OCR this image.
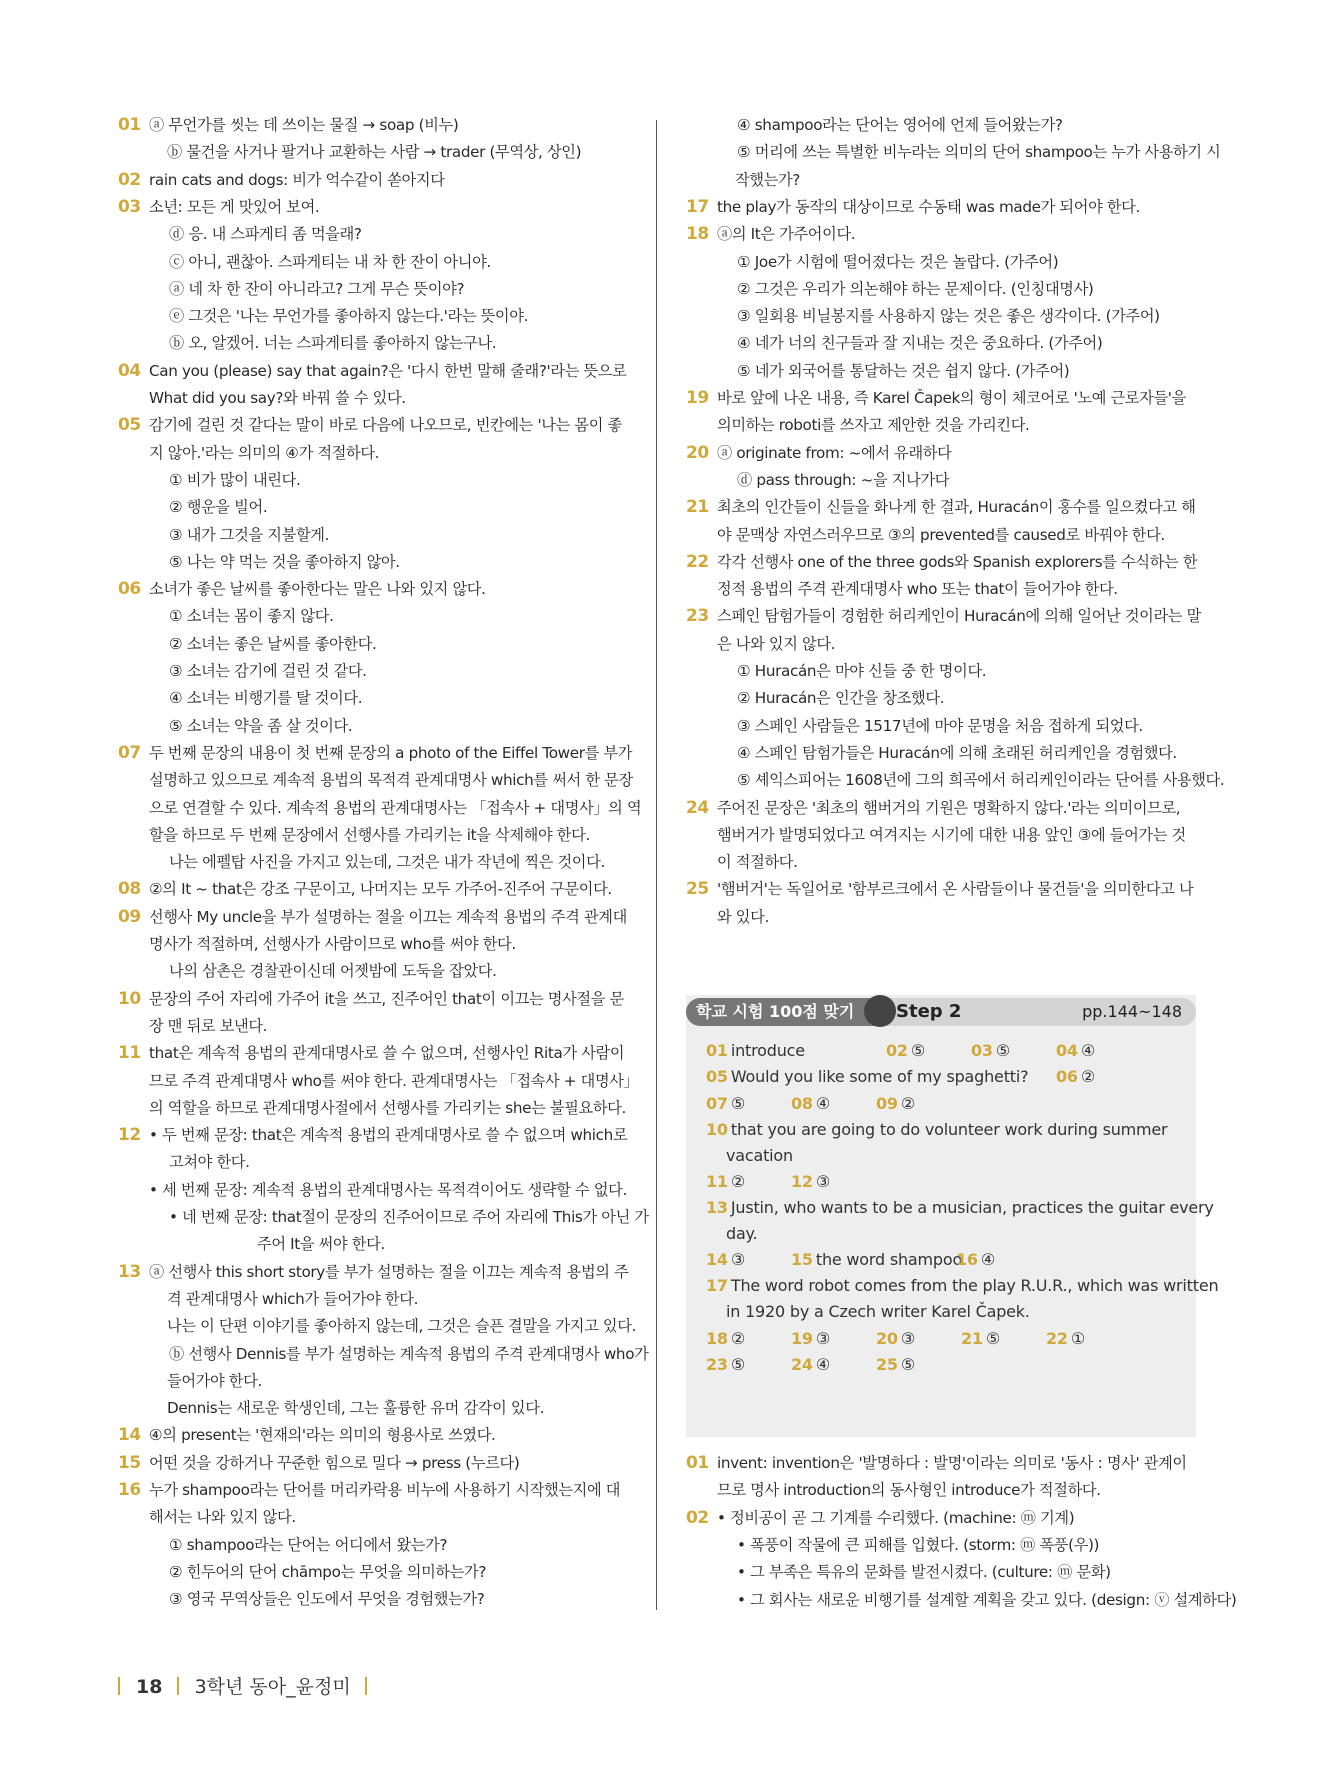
01 ⓐ 무언가를 씻는 데 쓰이는 물질 → soap (비누)
ⓑ 물건을 사거나 팔거나 교환하는 사람 → trader (무역상, 상인)
02 rain cats and dogs: 비가 억수같이 쏟아지다
03 소년: 모든 게 맛있어 보여.
ⓓ 응. 내 스파게티 좀 먹을래?
ⓒ 아니, 괜찮아. 스파게티는 내 차 한 잔이 아니야.
ⓐ 네 차 한 잔이 아니라고? 그게 무슨 뜻이야?
ⓔ 그것은 '나는 무언가를 좋아하지 않는다.'라는 뜻이야.
ⓑ 오, 알겠어. 너는 스파게티를 좋아하지 않는구나.
04 Can you (please) say that again?은 '다시 한번 말해 줄래?'라는 뜻으로
What did you say?와 바꿔 쓸 수 있다.
05 감기에 걸린 것 같다는 말이 바로 다음에 나오므로, 빈칸에는 '나는 몸이 좋
지 않아.'라는 의미의 ④가 적절하다.
① 비가 많이 내린다.
② 행운을 빌어.
③ 내가 그것을 지불할게.
⑤ 나는 약 먹는 것을 좋아하지 않아.
06 소녀가 좋은 날씨를 좋아한다는 말은 나와 있지 않다.
① 소녀는 몸이 좋지 않다.
② 소녀는 좋은 날씨를 좋아한다.
③ 소녀는 감기에 걸린 것 같다.
④ 소녀는 비행기를 탈 것이다.
⑤ 소녀는 약을 좀 살 것이다.
07 두 번째 문장의 내용이 첫 번째 문장의 a photo of the Eiffel Tower를 부가
설명하고 있으므로 계속적 용법의 목적격 관계대명사 which를 써서 한 문장
으로 연결할 수 있다. 계속적 용법의 관계대명사는 「접속사 + 대명사」의 역
할을 하므로 두 번째 문장에서 선행사를 가리키는 it을 삭제해야 한다.
나는 에펠탑 사진을 가지고 있는데, 그것은 내가 작년에 찍은 것이다.
08 ②의 It ~ that은 강조 구문이고, 나머지는 모두 가주어-진주어 구문이다.
09 선행사 My uncle을 부가 설명하는 절을 이끄는 계속적 용법의 주격 관계대
명사가 적절하며, 선행사가 사람이므로 who를 써야 한다.
나의 삼촌은 경찰관이신데 어젯밤에 도둑을 잡았다.
10 문장의 주어 자리에 가주어 it을 쓰고, 진주어인 that이 이끄는 명사절을 문
장 맨 뒤로 보낸다.
11 that은 계속적 용법의 관계대명사로 쓸 수 없으며, 선행사인 Rita가 사람이
므로 주격 관계대명사 who를 써야 한다. 관계대명사는 「접속사 + 대명사」
의 역할을 하므로 관계대명사절에서 선행사를 가리키는 she는 불필요하다.
12 • 두 번째 문장: that은 계속적 용법의 관계대명사로 쓸 수 없으며 which로
고쳐야 한다.
• 세 번째 문장: 계속적 용법의 관계대명사는 목적격이어도 생략할 수 없다.
• 네 번째 문장: that절이 문장의 진주어이므로 주어 자리에 This가 아닌 가
주어 It을 써야 한다.
13 ⓐ 선행사 this short story를 부가 설명하는 절을 이끄는 계속적 용법의 주
격 관계대명사 which가 들어가야 한다.
나는 이 단편 이야기를 좋아하지 않는데, 그것은 슬픈 결말을 가지고 있다.
ⓑ 선행사 Dennis를 부가 설명하는 계속적 용법의 주격 관계대명사 who가
들어가야 한다.
Dennis는 새로운 학생인데, 그는 훌륭한 유머 감각이 있다.
14 ④의 present는 '현재의'라는 의미의 형용사로 쓰였다.
15 어떤 것을 강하거나 꾸준한 힘으로 밀다 → press (누르다)
16 누가 shampoo라는 단어를 머리카락용 비누에 사용하기 시작했는지에 대
해서는 나와 있지 않다.
① shampoo라는 단어는 어디에서 왔는가?
② 힌두어의 단어 chāmpo는 무엇을 의미하는가?
③ 영국 무역상들은 인도에서 무엇을 경험했는가?
④ shampoo라는 단어는 영어에 언제 들어왔는가?
⑤ 머리에 쓰는 특별한 비누라는 의미의 단어 shampoo는 누가 사용하기 시
작했는가?
17 the play가 동작의 대상이므로 수동태 was made가 되어야 한다.
18 ⓐ의 It은 가주어이다.
① Joe가 시험에 떨어졌다는 것은 놀랍다. (가주어)
② 그것은 우리가 의논해야 하는 문제이다. (인칭대명사)
③ 일회용 비닐봉지를 사용하지 않는 것은 좋은 생각이다. (가주어)
④ 네가 너의 친구들과 잘 지내는 것은 중요하다. (가주어)
⑤ 네가 외국어를 통달하는 것은 쉽지 않다. (가주어)
19 바로 앞에 나온 내용, 즉 Karel Čapek의 형이 체코어로 '노예 근로자들'을
의미하는 roboti를 쓰자고 제안한 것을 가리킨다.
20 ⓐ originate from: ~에서 유래하다
ⓓ pass through: ~을 지나가다
21 최초의 인간들이 신들을 화나게 한 결과, Huracán이 홍수를 일으켰다고 해
야 문맥상 자연스러우므로 ③의 prevented를 caused로 바꿔야 한다.
22 각각 선행사 one of the three gods와 Spanish explorers를 수식하는 한
정적 용법의 주격 관계대명사 who 또는 that이 들어가야 한다.
23 스페인 탐험가들이 경험한 허리케인이 Huracán에 의해 일어난 것이라는 말
은 나와 있지 않다.
① Huracán은 마야 신들 중 한 명이다.
② Huracán은 인간을 창조했다.
③ 스페인 사람들은 1517년에 마야 문명을 처음 접하게 되었다.
④ 스페인 탐험가들은 Huracán에 의해 초래된 허리케인을 경험했다.
⑤ 셰익스피어는 1608년에 그의 희곡에서 허리케인이라는 단어를 사용했다.
24 주어진 문장은 '최초의 햄버거의 기원은 명확하지 않다.'라는 의미이므로,
햄버거가 발명되었다고 여겨지는 시기에 대한 내용 앞인 ③에 들어가는 것
이 적절하다.
25 '햄버거'는 독일어로 '함부르크에서 온 사람들이나 물건들'을 의미한다고 나
와 있다.
학교 시험 100점 맞기	Step 2	pp.144~148
01 introduce	02 ⑤	03 ⑤	04 ④
05 Would you like some of my spaghetti? 06 ②
07 ⑤	08 ④	09 ②
10 that you are going to do volunteer work during summer
vacation
11 ②	12 ③
13 Justin, who wants to be a musician, practices the guitar every
day.
14 ③	15 the word shampoo
16 ④
17 The word robot comes from the play R.U.R., which was written
in 1920 by a Czech writer Karel Čapek.
18 ②	19 ③	20 ③	21 ⑤	22 ①
23 ⑤	24 ④	25 ⑤
01 invent: invention은 '발명하다 : 발명'이라는 의미로 '동사 : 명사' 관계이
므로 명사 introduction의 동사형인 introduce가 적절하다.
02 • 정비공이 곧 그 기계를 수리했다. (machine: ⓜ 기계)
• 폭풍이 작물에 큰 피해를 입혔다. (storm: ⓜ 폭풍(우))
• 그 부족은 특유의 문화를 발전시켰다. (culture: ⓜ 문화)
• 그 회사는 새로운 비행기를 설계할 계획을 갖고 있다. (design: ⓥ 설계하다)
18 3학년 동아_윤정미
